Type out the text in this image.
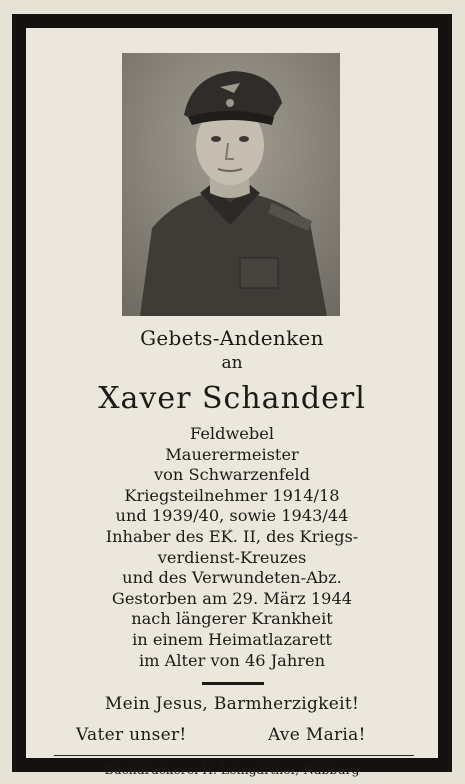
Gebets-Andenken
an
Xaver Schanderl
Feldwebel
Mauerermeister
von Schwarzenfeld
Kriegsteilnehmer 1914/18
und 1939/40, sowie 1943/44
Inhaber des EK. II, des Kriegs-
verdienst-Kreuzes
und des Verwundeten-Abz.
Gestorben am 29. März 1944
nach längerer Krankheit
in einem Heimatlazarett
im Alter von 46 Jahren
Mein Jesus, Barmherzigkeit!
Vater unser!	Ave Maria!
Buchdruckerei H. Leingärtner, Nabburg
